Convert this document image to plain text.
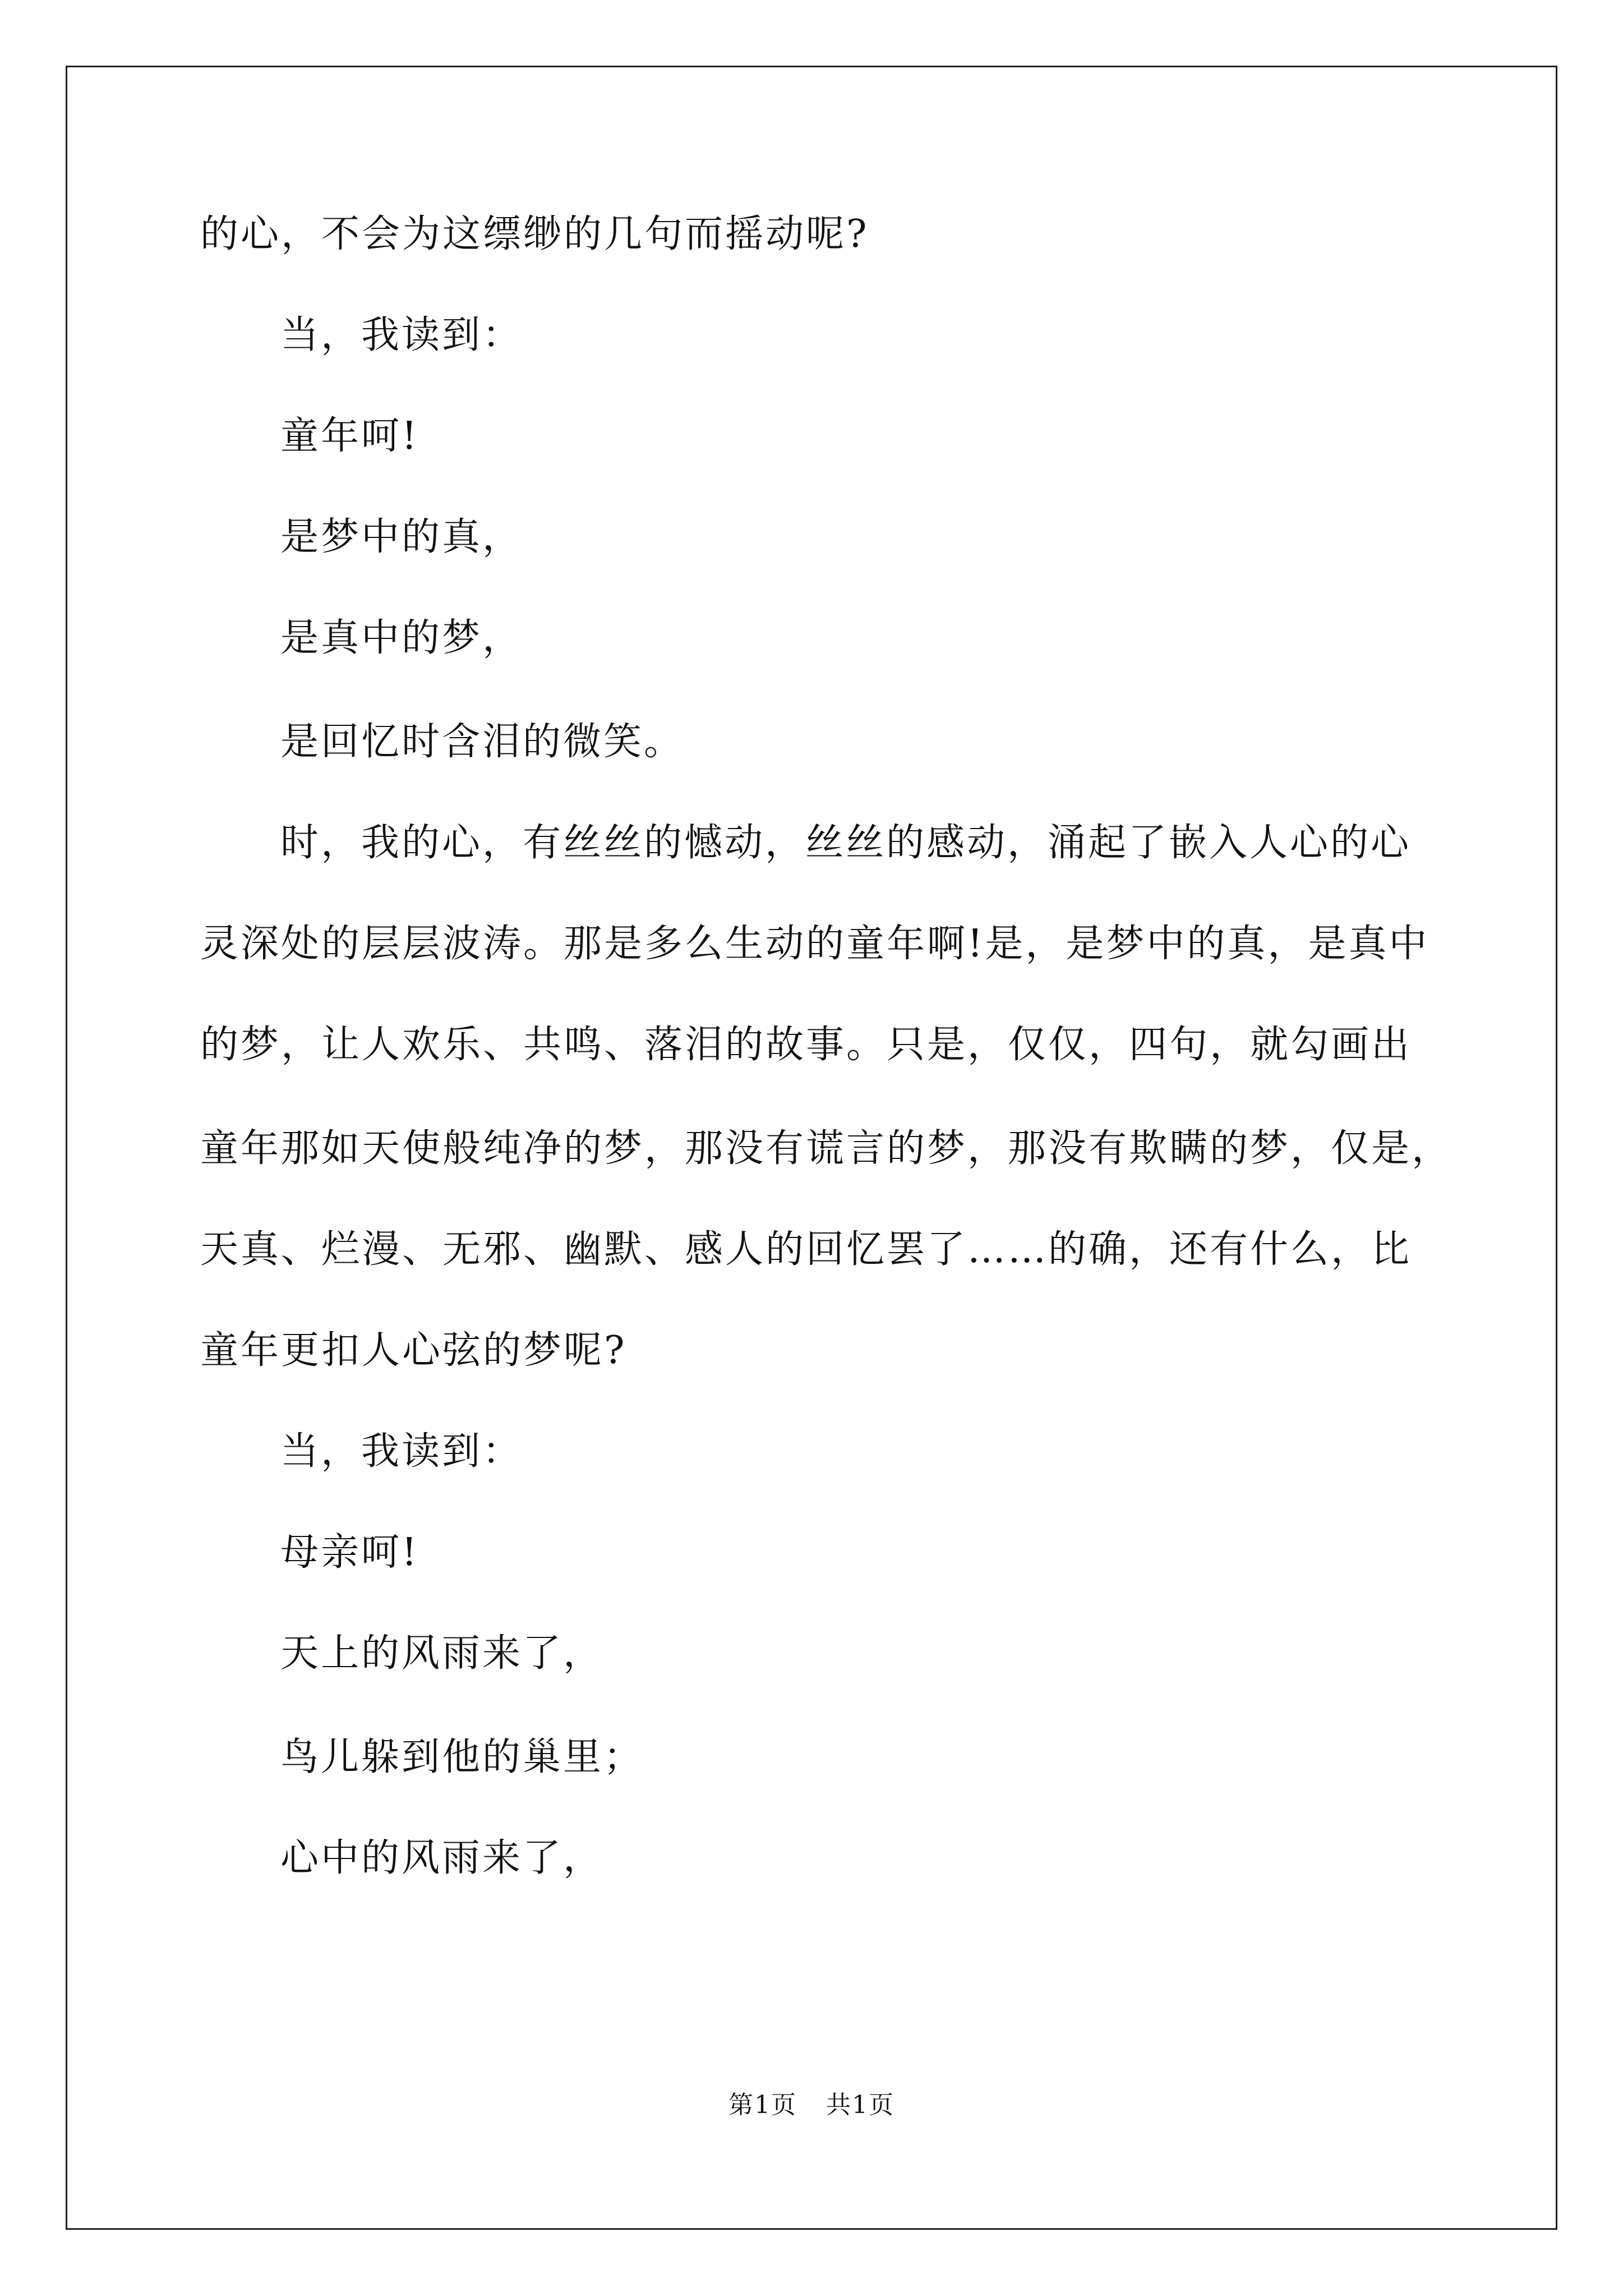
的心，不会为这缥缈的几句而摇动呢?

当，我读到：

童年呵!

是梦中的真，

是真中的梦，

是回忆时含泪的微笑。

时，我的心，有丝丝的憾动，丝丝的感动，涌起了嵌入人心的心

灵深处的层层波涛。那是多么生动的童年啊!是，是梦中的真，是真中

的梦，让人欢乐、共鸣、落泪的故事。只是，仅仅，四句，就勾画出

童年那如天使般纯净的梦，那没有谎言的梦，那没有欺瞒的梦，仅是，

天真、烂漫、无邪、幽默、感人的回忆罢了……的确，还有什么，比

童年更扣人心弦的梦呢?

当，我读到：

母亲呵!

天上的风雨来了，

鸟儿躲到他的巢里；

心中的风雨来了，

第1页 共1页
